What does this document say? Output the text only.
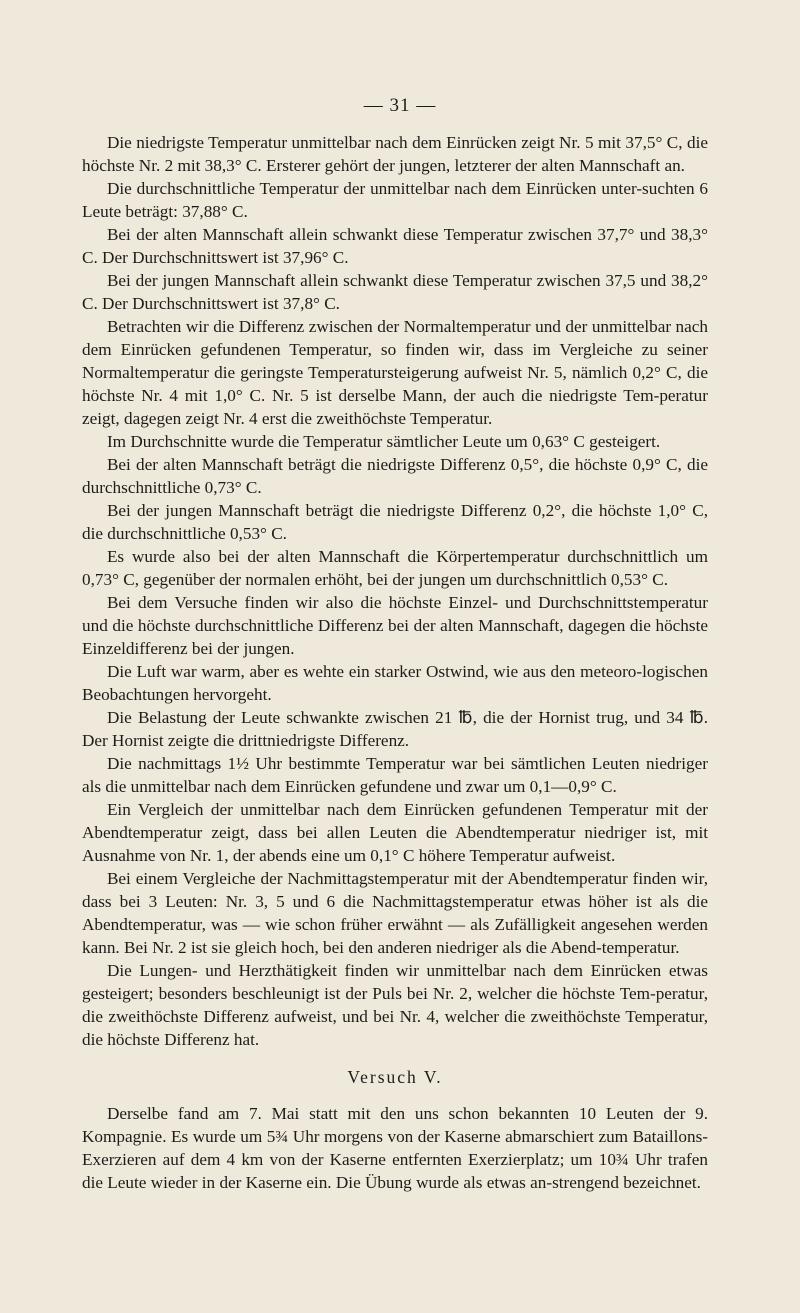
— 31 —

Die niedrigste Temperatur unmittelbar nach dem Einrücken zeigt Nr. 5 mit 37,5° C, die höchste Nr. 2 mit 38,3° C. Ersterer gehört der jungen, letzterer der alten Mannschaft an.

Die durchschnittliche Temperatur der unmittelbar nach dem Einrücken unter-suchten 6 Leute beträgt: 37,88° C.

Bei der alten Mannschaft allein schwankt diese Temperatur zwischen 37,7° und 38,3° C. Der Durchschnittswert ist 37,96° C.

Bei der jungen Mannschaft allein schwankt diese Temperatur zwischen 37,5 und 38,2° C. Der Durchschnittswert ist 37,8° C.

Betrachten wir die Differenz zwischen der Normaltemperatur und der unmittelbar nach dem Einrücken gefundenen Temperatur, so finden wir, dass im Vergleiche zu seiner Normaltemperatur die geringste Temperatursteigerung aufweist Nr. 5, nämlich 0,2° C, die höchste Nr. 4 mit 1,0° C. Nr. 5 ist derselbe Mann, der auch die niedrigste Tem-peratur zeigt, dagegen zeigt Nr. 4 erst die zweithöchste Temperatur.

Im Durchschnitte wurde die Temperatur sämtlicher Leute um 0,63° C gesteigert.

Bei der alten Mannschaft beträgt die niedrigste Differenz 0,5°, die höchste 0,9° C, die durchschnittliche 0,73° C.

Bei der jungen Mannschaft beträgt die niedrigste Differenz 0,2°, die höchste 1,0° C, die durchschnittliche 0,53° C.

Es wurde also bei der alten Mannschaft die Körpertemperatur durchschnittlich um 0,73° C, gegenüber der normalen erhöht, bei der jungen um durchschnittlich 0,53° C.

Bei dem Versuche finden wir also die höchste Einzel- und Durchschnittstemperatur und die höchste durchschnittliche Differenz bei der alten Mannschaft, dagegen die höchste Einzeldifferenz bei der jungen.

Die Luft war warm, aber es wehte ein starker Ostwind, wie aus den meteoro-logischen Beobachtungen hervorgeht.

Die Belastung der Leute schwankte zwischen 21 ℔, die der Hornist trug, und 34 ℔. Der Hornist zeigte die drittniedrigste Differenz.

Die nachmittags 1½ Uhr bestimmte Temperatur war bei sämtlichen Leuten niedriger als die unmittelbar nach dem Einrücken gefundene und zwar um 0,1—0,9° C.

Ein Vergleich der unmittelbar nach dem Einrücken gefundenen Temperatur mit der Abendtemperatur zeigt, dass bei allen Leuten die Abendtemperatur niedriger ist, mit Ausnahme von Nr. 1, der abends eine um 0,1° C höhere Temperatur aufweist.

Bei einem Vergleiche der Nachmittagstemperatur mit der Abendtemperatur finden wir, dass bei 3 Leuten: Nr. 3, 5 und 6 die Nachmittagstemperatur etwas höher ist als die Abendtemperatur, was — wie schon früher erwähnt — als Zufälligkeit angesehen werden kann. Bei Nr. 2 ist sie gleich hoch, bei den anderen niedriger als die Abend-temperatur.

Die Lungen- und Herzthätigkeit finden wir unmittelbar nach dem Einrücken etwas gesteigert; besonders beschleunigt ist der Puls bei Nr. 2, welcher die höchste Tem-peratur, die zweithöchste Differenz aufweist, und bei Nr. 4, welcher die zweithöchste Temperatur, die höchste Differenz hat.

Versuch V.

Derselbe fand am 7. Mai statt mit den uns schon bekannten 10 Leuten der 9. Kompagnie. Es wurde um 5¾ Uhr morgens von der Kaserne abmarschiert zum Bataillons-Exerzieren auf dem 4 km von der Kaserne entfernten Exerzierplatz; um 10¾ Uhr trafen die Leute wieder in der Kaserne ein. Die Übung wurde als etwas an-strengend bezeichnet.
